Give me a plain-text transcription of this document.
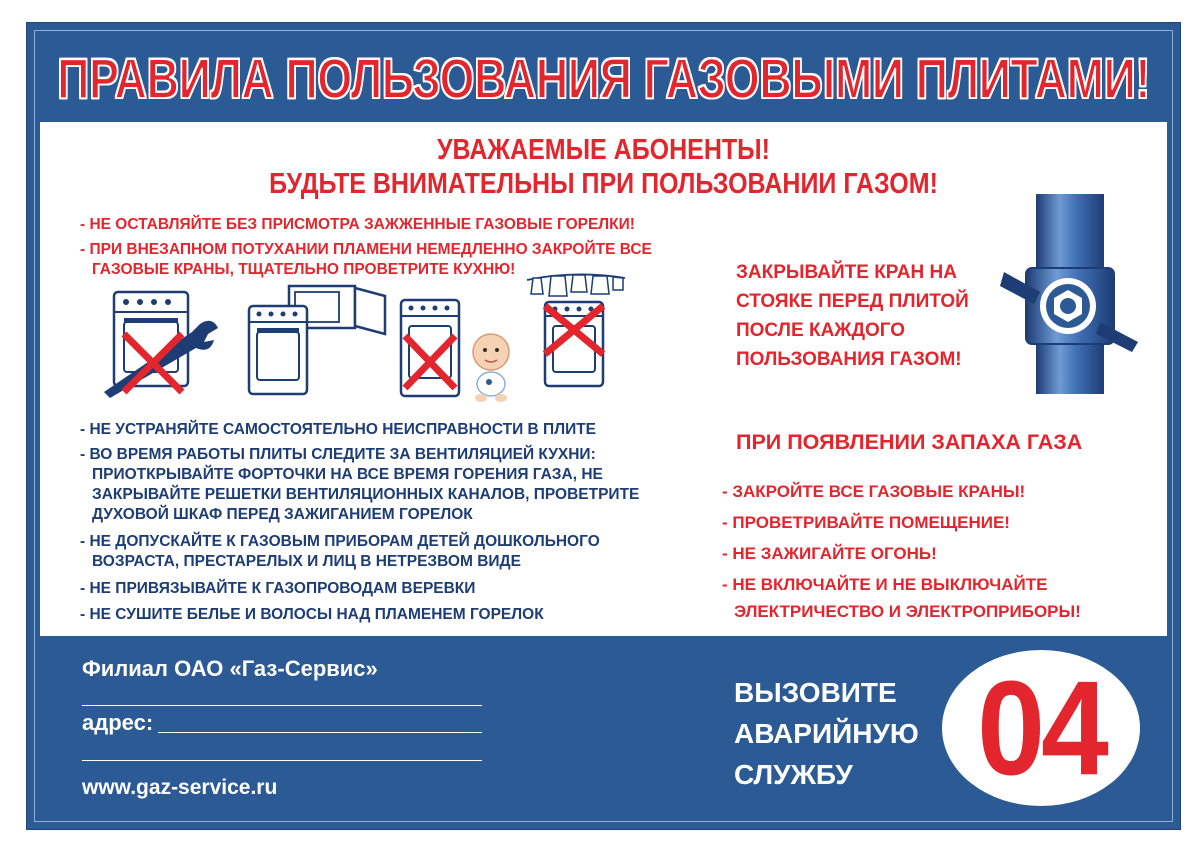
ПРАВИЛА ПОЛЬЗОВАНИЯ ГАЗОВЫМИ ПЛИТАМИ!
УВАЖАЕМЫЕ АБОНЕНТЫ!
БУДЬТЕ ВНИМАТЕЛЬНЫ ПРИ ПОЛЬЗОВАНИИ ГАЗОМ!
- НЕ ОСТАВЛЯЙТЕ БЕЗ ПРИСМОТРА ЗАЖЖЕННЫЕ ГАЗОВЫЕ ГОРЕЛКИ!
- ПРИ ВНЕЗАПНОМ ПОТУХАНИИ ПЛАМЕНИ НЕМЕДЛЕННО ЗАКРОЙТЕ ВСЕ
ГАЗОВЫЕ КРАНЫ, ТЩАТЕЛЬНО ПРОВЕТРИТЕ КУХНЮ!
- НЕ УСТРАНЯЙТЕ САМОСТОЯТЕЛЬНО НЕИСПРАВНОСТИ В ПЛИТЕ
- ВО ВРЕМЯ РАБОТЫ ПЛИТЫ СЛЕДИТЕ ЗА ВЕНТИЛЯЦИЕЙ КУХНИ:
ПРИОТКРЫВАЙТЕ ФОРТОЧКИ НА ВСЕ ВРЕМЯ ГОРЕНИЯ ГАЗА, НЕ
ЗАКРЫВАЙТЕ РЕШЕТКИ ВЕНТИЛЯЦИОННЫХ КАНАЛОВ, ПРОВЕТРИТЕ
ДУХОВОЙ ШКАФ ПЕРЕД ЗАЖИГАНИЕМ ГОРЕЛОК
- НЕ ДОПУСКАЙТЕ К ГАЗОВЫМ ПРИБОРАМ ДЕТЕЙ ДОШКОЛЬНОГО
ВОЗРАСТА, ПРЕСТАРЕЛЫХ И ЛИЦ В НЕТРЕЗВОМ ВИДЕ
- НЕ ПРИВЯЗЫВАЙТЕ К ГАЗОПРОВОДАМ ВЕРЕВКИ
- НЕ СУШИТЕ БЕЛЬЕ И ВОЛОСЫ НАД ПЛАМЕНЕМ ГОРЕЛОК
ЗАКРЫВАЙТЕ КРАН НА
СТОЯКЕ ПЕРЕД ПЛИТОЙ
ПОСЛЕ КАЖДОГО
ПОЛЬЗОВАНИЯ ГАЗОМ!
ПРИ ПОЯВЛЕНИИ ЗАПАХА ГАЗА
- ЗАКРОЙТЕ ВСЕ ГАЗОВЫЕ КРАНЫ!
- ПРОВЕТРИВАЙТЕ ПОМЕЩЕНИЕ!
- НЕ ЗАЖИГАЙТЕ ОГОНЬ!
- НЕ ВКЛЮЧАЙТЕ И НЕ ВЫКЛЮЧАЙТЕ
ЭЛЕКТРИЧЕСТВО И ЭЛЕКТРОПРИБОРЫ!
Филиал ОАО «Газ-Сервис»
адрес:
www.gaz-service.ru
ВЫЗОВИТЕ
АВАРИЙНУЮ
СЛУЖБУ	04
